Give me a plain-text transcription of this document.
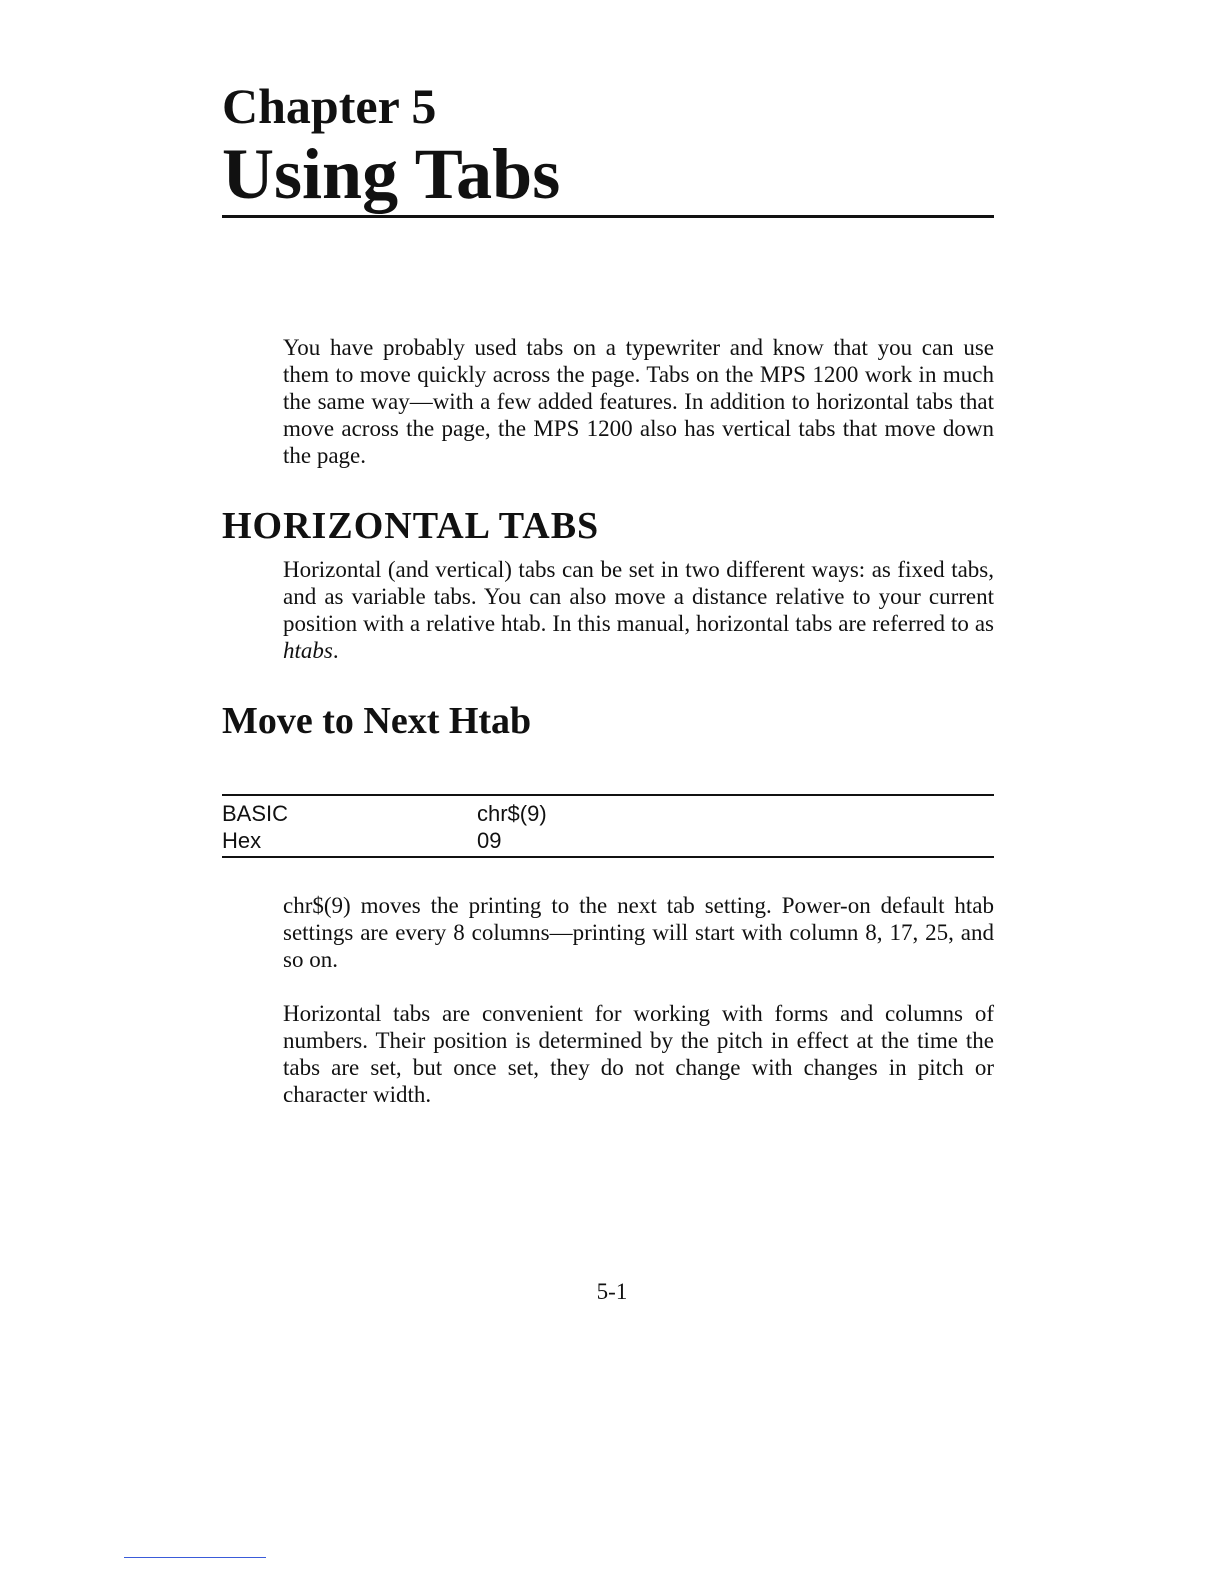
Chapter 5
Using Tabs

You have probably used tabs on a typewriter and know that you can use them to move quickly across the page. Tabs on the MPS 1200 work in much the same way—with a few added features. In addition to horizontal tabs that move across the page, the MPS 1200 also has vertical tabs that move down the page.

HORIZONTAL TABS

Horizontal (and vertical) tabs can be set in two different ways: as fixed tabs, and as variable tabs. You can also move a distance relative to your current position with a relative htab. In this manual, horizontal tabs are referred to as htabs.

Move to Next Htab
BASIC	chr$(9)
Hex	09

chr$(9) moves the printing to the next tab setting. Power-on default htab settings are every 8 columns—printing will start with column 8, 17, 25, and so on.

Horizontal tabs are convenient for working with forms and columns of numbers. Their position is determined by the pitch in effect at the time the tabs are set, but once set, they do not change with changes in pitch or character width.

5-1
